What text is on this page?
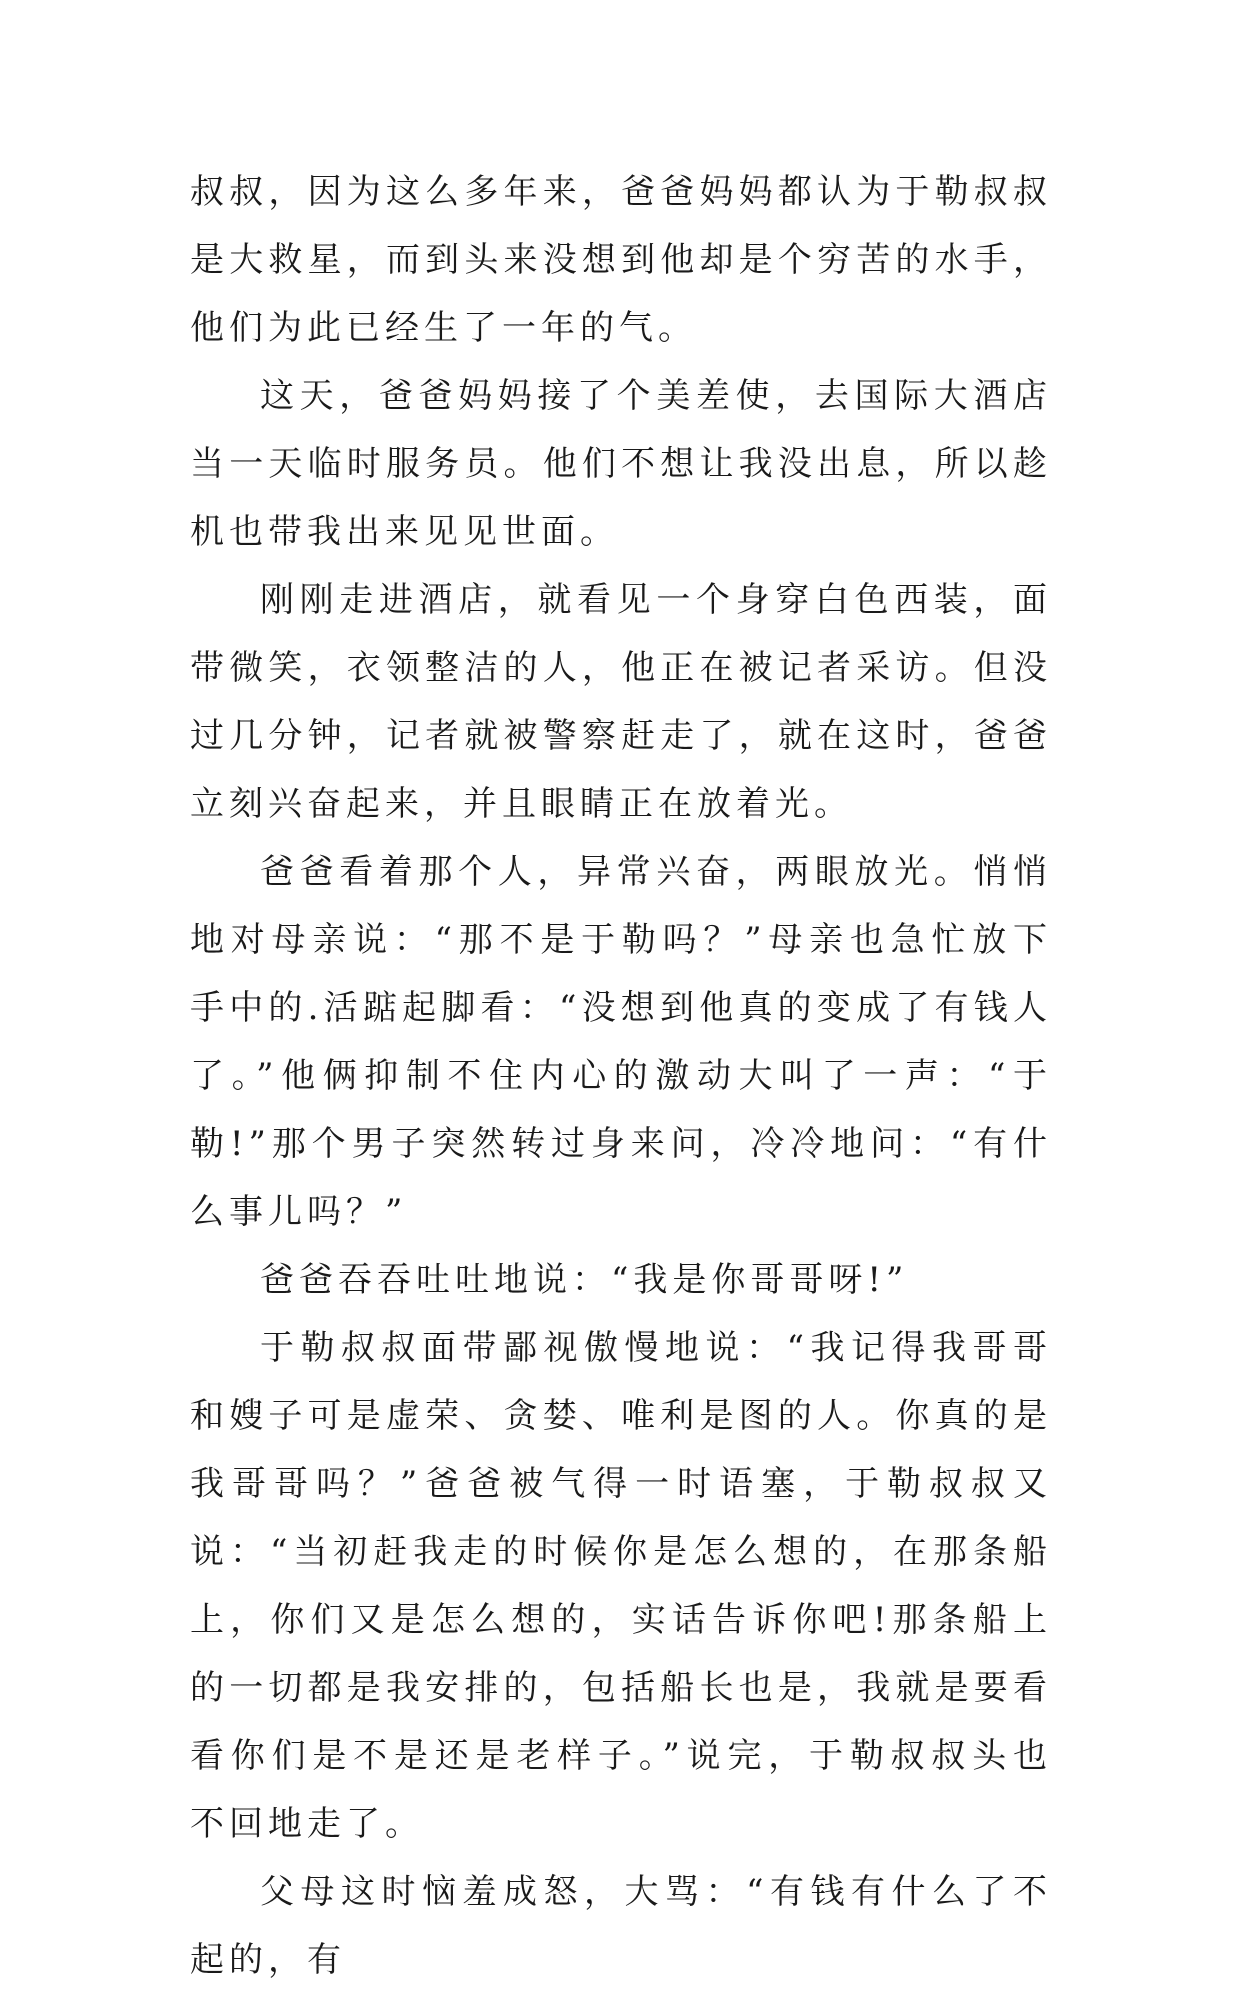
叔叔，因为这么多年来，爸爸妈妈都认为于勒叔叔是大救星，而到头来没想到他却是个穷苦的水手，他们为此已经生了一年的气。

这天，爸爸妈妈接了个美差使，去国际大酒店当一天临时服务员。他们不想让我没出息，所以趁机也带我出来见见世面。

刚刚走进酒店，就看见一个身穿白色西装，面带微笑，衣领整洁的人，他正在被记者采访。但没过几分钟，记者就被警察赶走了，就在这时，爸爸立刻兴奋起来，并且眼睛正在放着光。

爸爸看着那个人，异常兴奋，两眼放光。悄悄地对母亲说：“那不是于勒吗？”母亲也急忙放下手中的.活踮起脚看：“没想到他真的变成了有钱人了。”他俩抑制不住内心的激动大叫了一声：“于勒!”那个男子突然转过身来问，冷冷地问：“有什么事儿吗？”

爸爸吞吞吐吐地说：“我是你哥哥呀!”

于勒叔叔面带鄙视傲慢地说：“我记得我哥哥和嫂子可是虚荣、贪婪、唯利是图的人。你真的是我哥哥吗？”爸爸被气得一时语塞，于勒叔叔又说：“当初赶我走的时候你是怎么想的，在那条船上，你们又是怎么想的，实话告诉你吧!那条船上的一切都是我安排的，包括船长也是，我就是要看看你们是不是还是老样子。”说完，于勒叔叔头也不回地走了。

父母这时恼羞成怒，大骂：“有钱有什么了不起的，有
